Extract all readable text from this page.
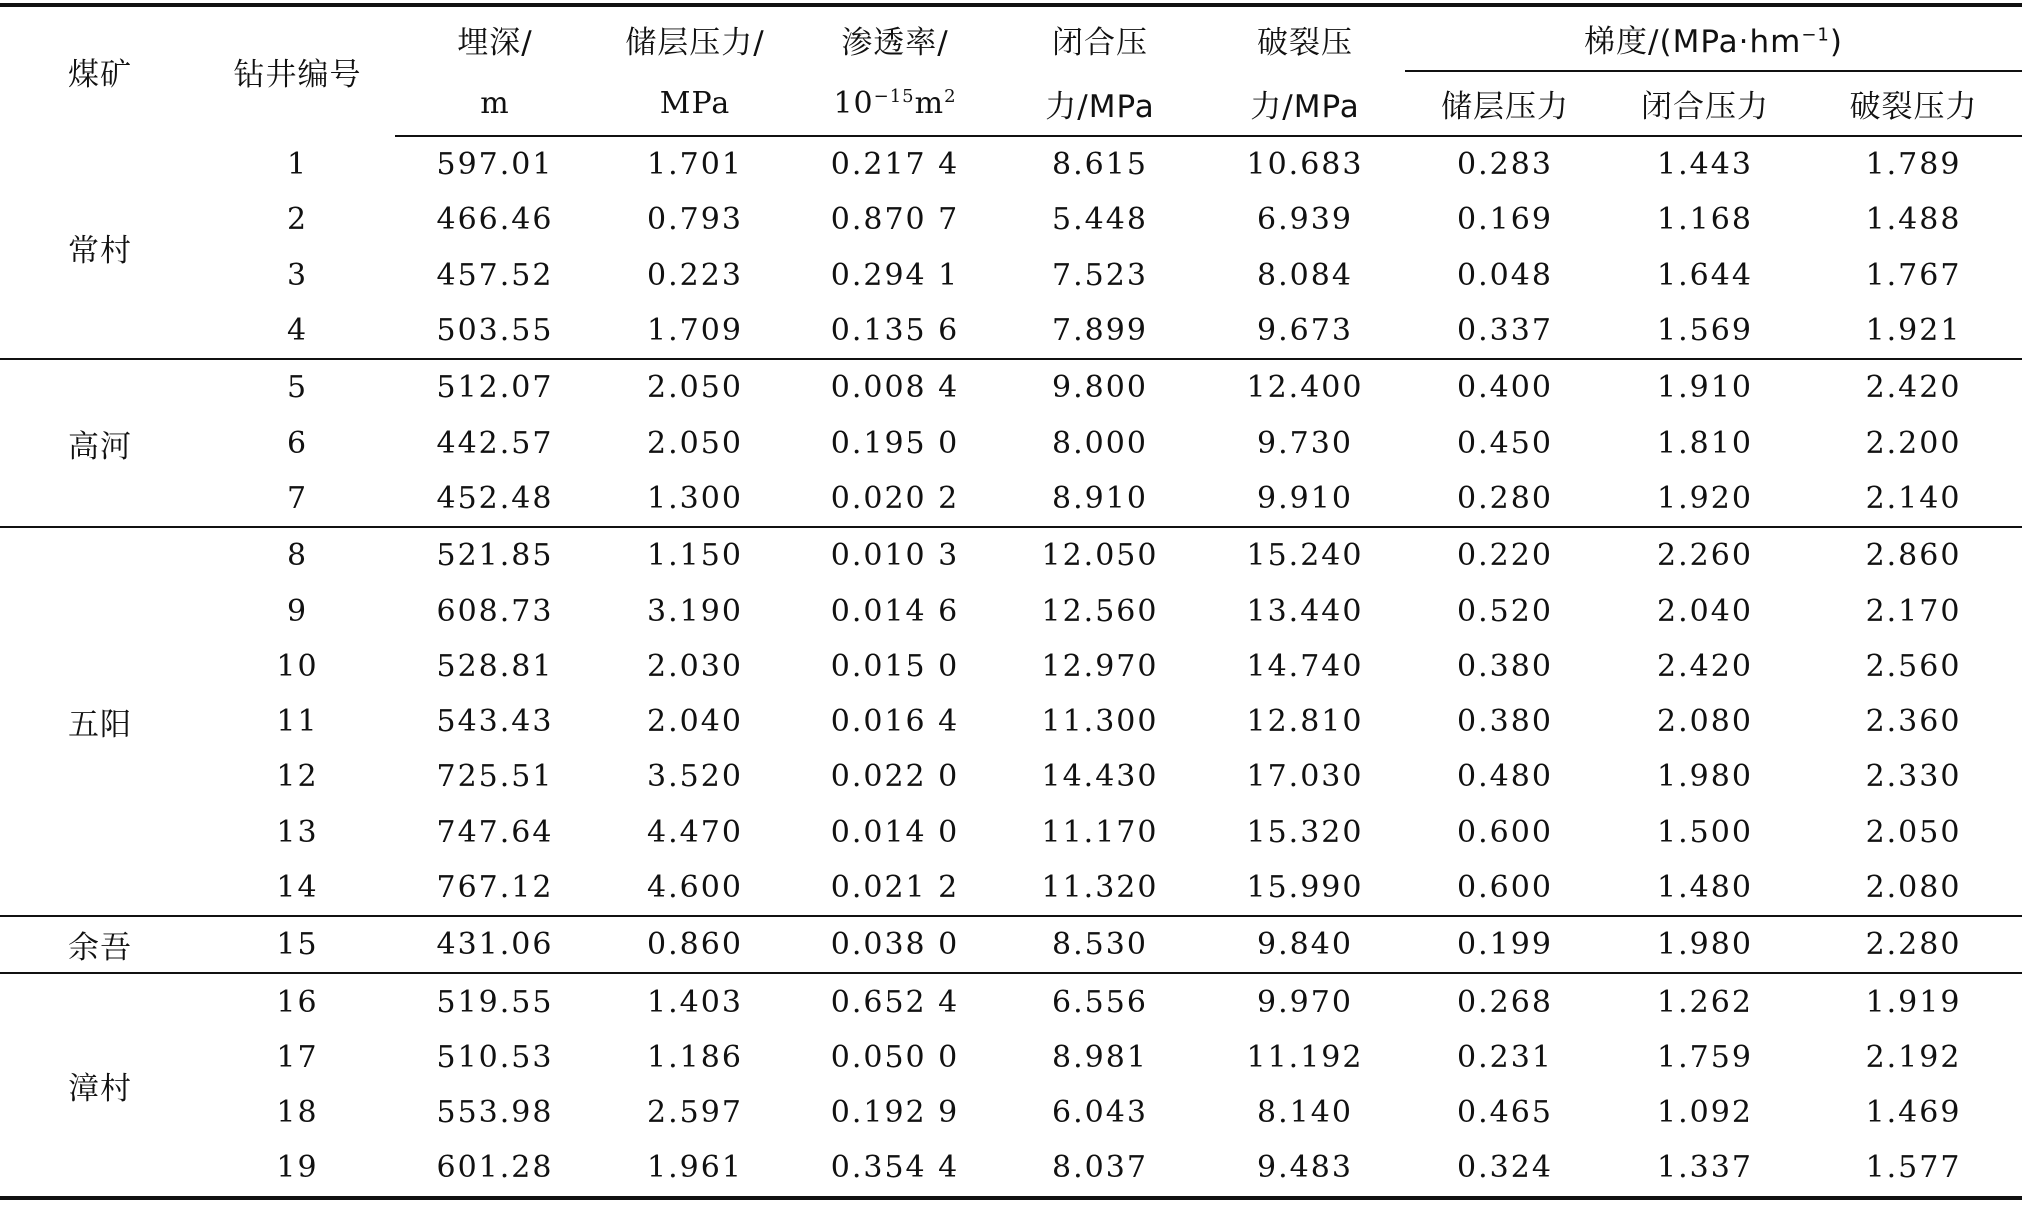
煤矿	钻井编号	埋深/	储层压力/	渗透率/	闭合压	破裂压	梯度$/(MPa\cdot hm^{-1})$		
		m	MPa	$10^{-15}m^2$	力/MPa	力/MPa	储层压力	闭合压力	破裂压力
常村	1	597.01	1.701	0.217 4	8.615	10.683	0.283	1.443	1.789
	2	466.46	0.793	0.870 7	5.448	6.939	0.169	1.168	1.488
	3	457.52	0.223	0.294 1	7.523	8.084	0.048	1.644	1.767
	4	503.55	1.709	0.135 6	7.899	9.673	0.337	1.569	1.921
高河	5	512.07	2.050	0.008 4	9.800	12.400	0.400	1.910	2.420
	6	442.57	2.050	0.195 0	8.000	9.730	0.450	1.810	2.200
	7	452.48	1.300	0.020 2	8.910	9.910	0.280	1.920	2.140
五阳	8	521.85	1.150	0.010 3	12.050	15.240	0.220	2.260	2.860
	9	608.73	3.190	0.014 6	12.560	13.440	0.520	2.040	2.170
	10	528.81	2.030	0.015 0	12.970	14.740	0.380	2.420	2.560
	11	543.43	2.040	0.016 4	11.300	12.810	0.380	2.080	2.360
	12	725.51	3.520	0.022 0	14.430	17.030	0.480	1.980	2.330
	13	747.64	4.470	0.014 0	11.170	15.320	0.600	1.500	2.050
	14	767.12	4.600	0.021 2	11.320	15.990	0.600	1.480	2.080
余吾	15	431.06	0.860	0.038 0	8.530	9.840	0.199	1.980	2.280
漳村	16	519.55	1.403	0.652 4	6.556	9.970	0.268	1.262	1.919
	17	510.53	1.186	0.050 0	8.981	11.192	0.231	1.759	2.192
	18	553.98	2.597	0.192 9	6.043	8.140	0.465	1.092	1.469
	19	601.28	1.961	0.354 4	8.037	9.483	0.324	1.337	1.577
